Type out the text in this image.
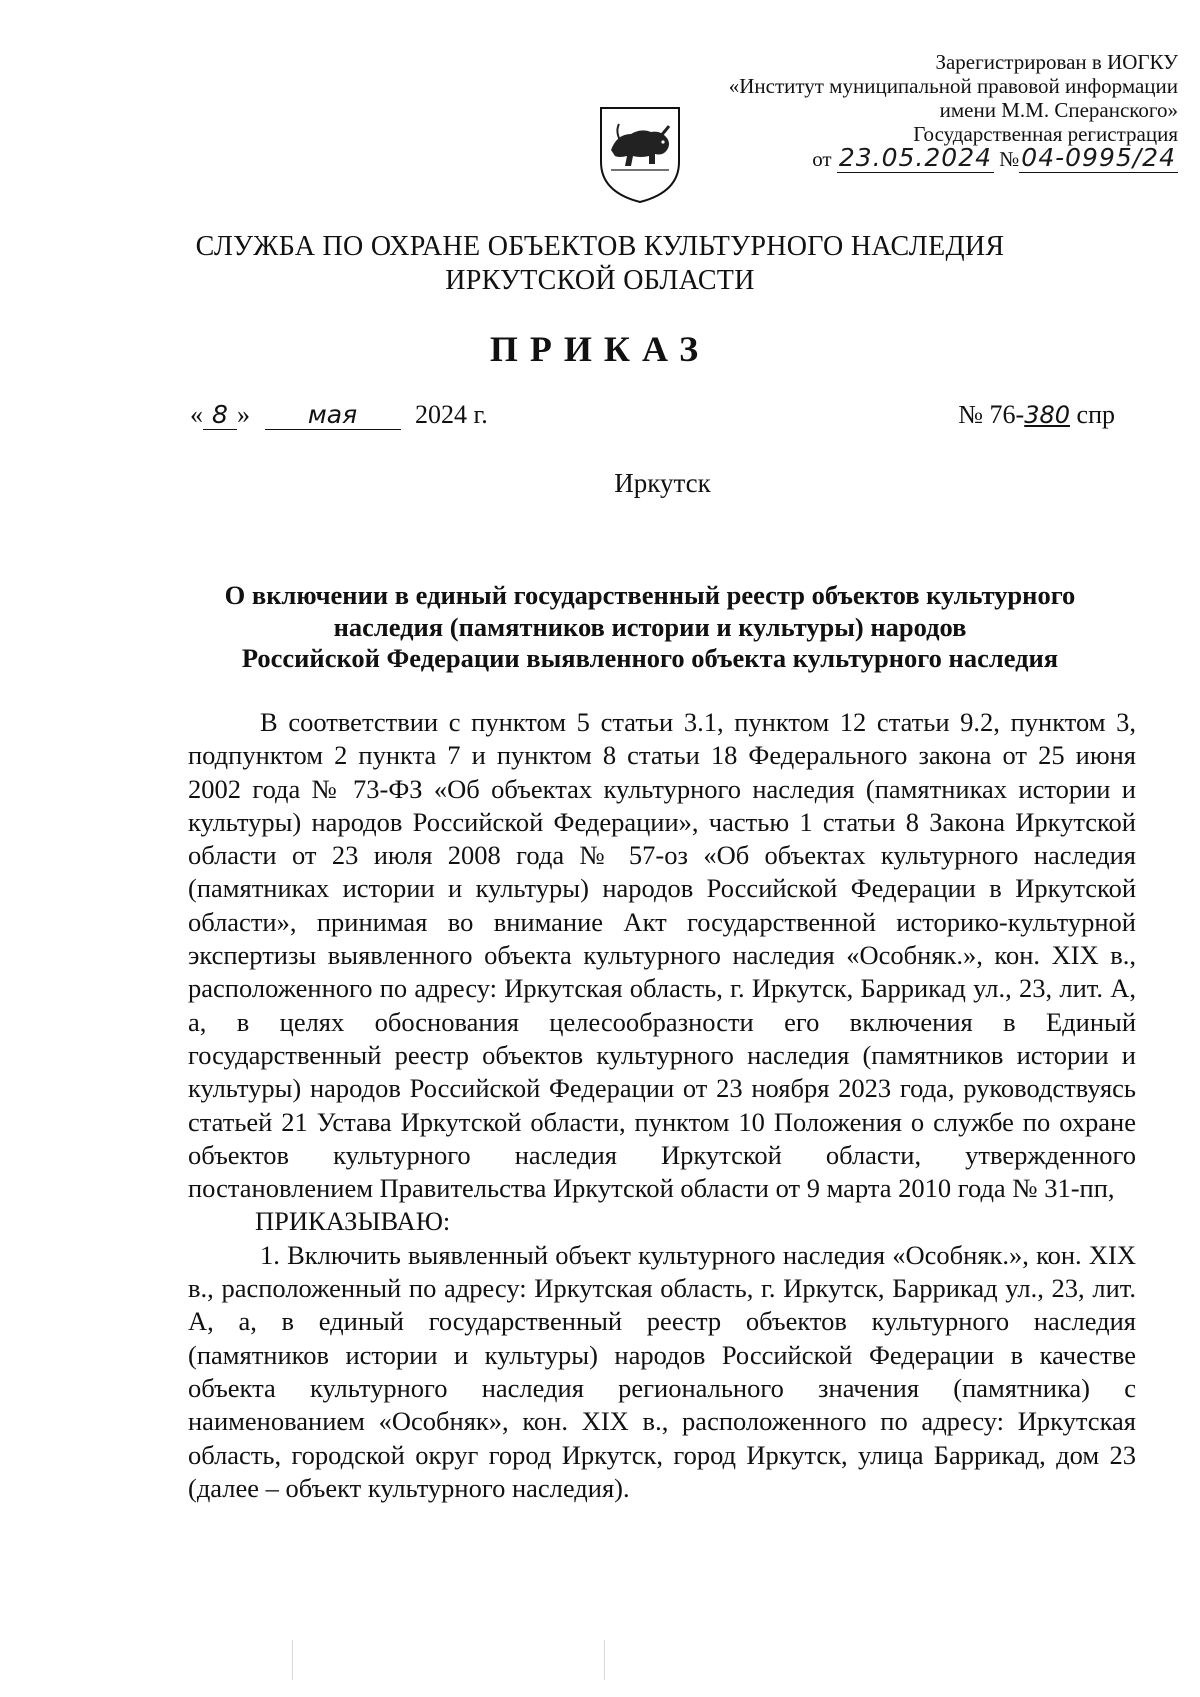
Зарегистрирован в ИОГКУ
«Институт муниципальной правовой информации
имени М.М. Сперанского»
Государственная регистрация
от 23.05.2024 №04-0995/24
СЛУЖБА ПО ОХРАНЕ ОБЪЕКТОВ КУЛЬТУРНОГО НАСЛЕДИЯ
ИРКУТСКОЙ ОБЛАСТИ
ПРИКАЗ
« 8 » мая 2024 г.	№ 76-380 спр
Иркутск
О включении в единый государственный реестр объектов культурного
наследия (памятников истории и культуры) народов
Российской Федерации выявленного объекта культурного наследия

В соответствии с пунктом 5 статьи 3.1, пунктом 12 статьи 9.2, пунктом 3, подпунктом 2 пункта 7 и пунктом 8 статьи 18 Федерального закона от 25 июня 2002 года № 73-ФЗ «Об объектах культурного наследия (памятниках истории и культуры) народов Российской Федерации», частью 1 статьи 8 Закона Иркутской области от 23 июля 2008 года № 57-оз «Об объектах культурного наследия (памятниках истории и культуры) народов Российской Федерации в Иркутской области», принимая во внимание Акт государственной историко-культурной экспертизы выявленного объекта культурного наследия «Особняк.», кон. XIX в., расположенного по адресу: Иркутская область, г. Иркутск, Баррикад ул., 23, лит. А, а, в целях обоснования целесообразности его включения в Единый государственный реестр объектов культурного наследия (памятников истории и культуры) народов Российской Федерации от 23 ноября 2023 года, руководствуясь статьей 21 Устава Иркутской области, пунктом 10 Положения о службе по охране объектов культурного наследия Иркутской области, утвержденного постановлением Правительства Иркутской области от 9 марта 2010 года № 31-пп,

ПРИКАЗЫВАЮ:

1. Включить выявленный объект культурного наследия «Особняк.», кон. XIX в., расположенный по адресу: Иркутская область, г. Иркутск, Баррикад ул., 23, лит. А, а, в единый государственный реестр объектов культурного наследия (памятников истории и культуры) народов Российской Федерации в качестве объекта культурного наследия регионального значения (памятника) с наименованием «Особняк», кон. XIX в., расположенного по адресу: Иркутская область, городской округ город Иркутск, город Иркутск, улица Баррикад, дом 23 (далее – объект культурного наследия).
